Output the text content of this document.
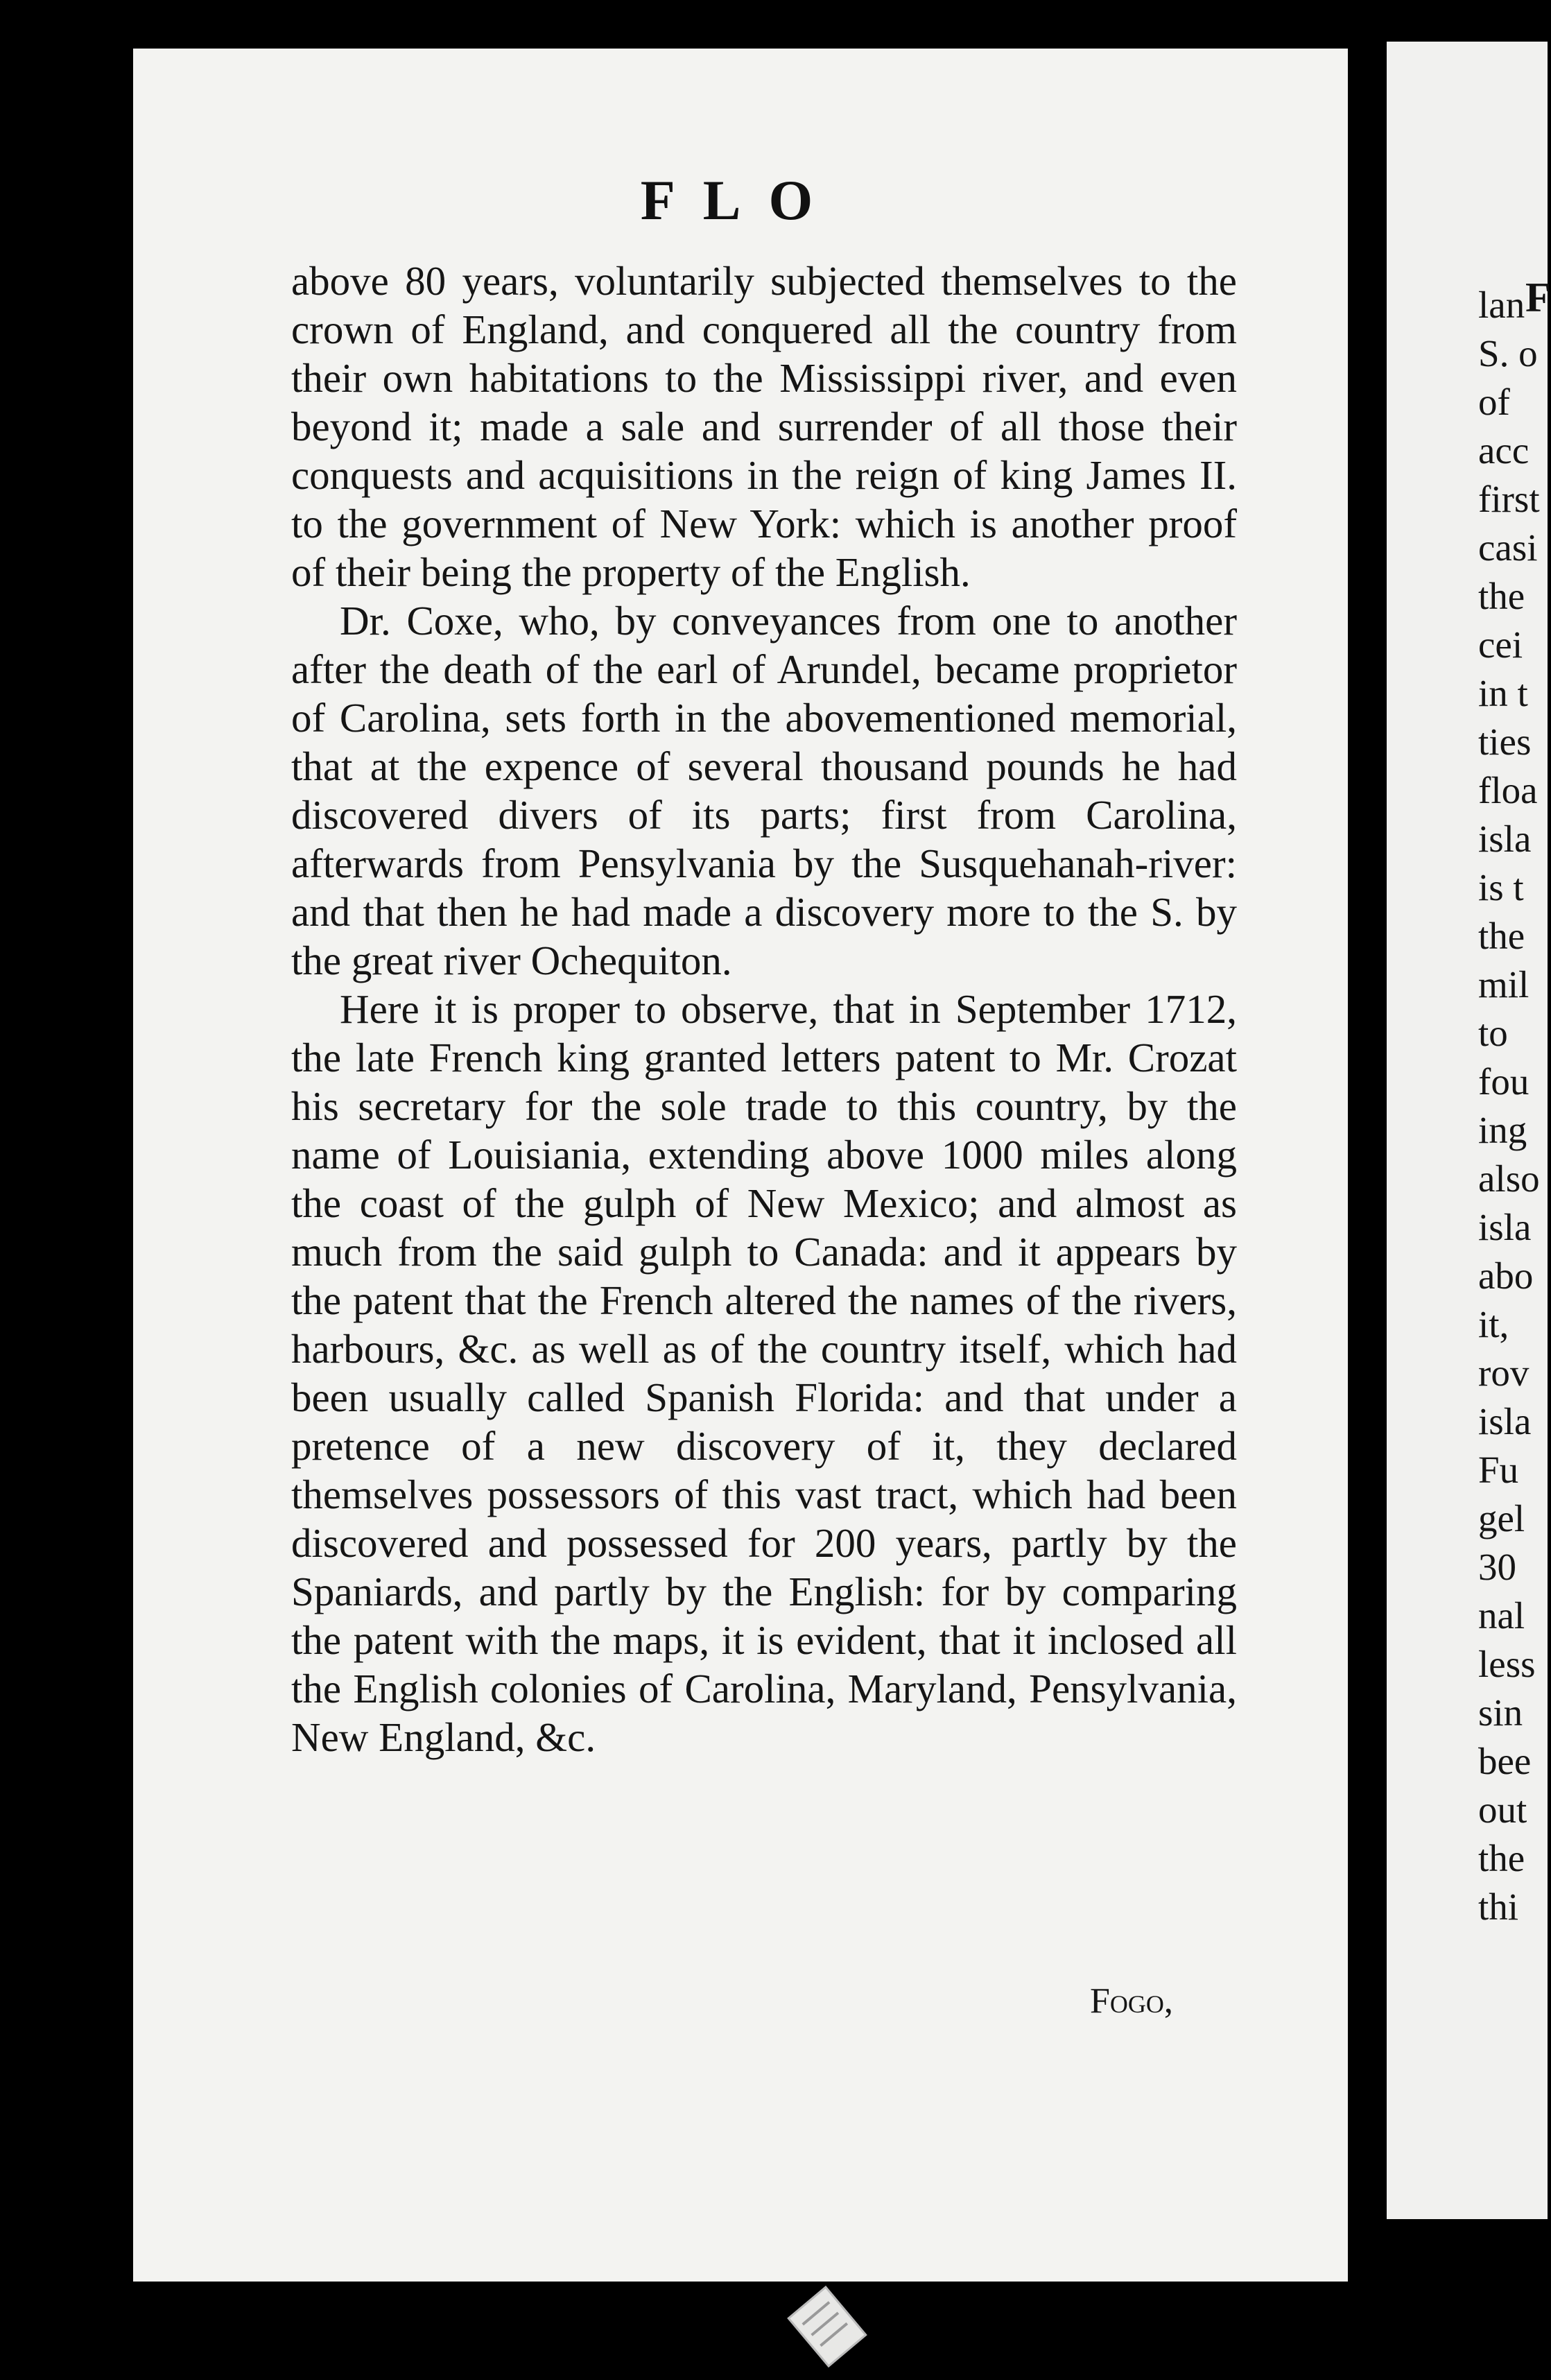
FLO

above 80 years, voluntarily subjected themselves to the crown of England, and conquered all the country from their own habitations to the Mississippi river, and even beyond it; made a sale and surrender of all those their conquests and acquisitions in the reign of king James II. to the government of New York: which is another proof of their being the property of the English.

Dr. Coxe, who, by conveyances from one to another after the death of the earl of Arundel, became proprietor of Carolina, sets forth in the abovementioned memorial, that at the expence of several thousand pounds he had discovered divers of its parts; first from Carolina, afterwards from Pensylvania by the Susquehanah-river: and that then he had made a discovery more to the S. by the great river Ochequiton.

Here it is proper to observe, that in September 1712, the late French king granted letters patent to Mr. Crozat his secretary for the sole trade to this country, by the name of Louisiania, extending above 1000 miles along the coast of the gulph of New Mexico; and almost as much from the said gulph to Canada: and it appears by the patent that the French altered the names of the rivers, harbours, &c. as well as of the country itself, which had been usually called Spanish Florida: and that under a pretence of a new discovery of it, they declared themselves possessors of this vast tract, which had been discovered and possessed for 200 years, partly by the Spaniards, and partly by the English: for by comparing the patent with the maps, it is evident, that it inclosed all the English colonies of Carolina, Maryland, Pensylvania, New England, &c.

Fogo,
F
lan
S. o
of
acc
first
casi
the
cei
in t
ties
floa
isla
is t
the
mil
to
fou
ing
also
isla
abo
it,
rov
isla
Fu
gel
30
nal
less
sin
bee
out
the
thi
